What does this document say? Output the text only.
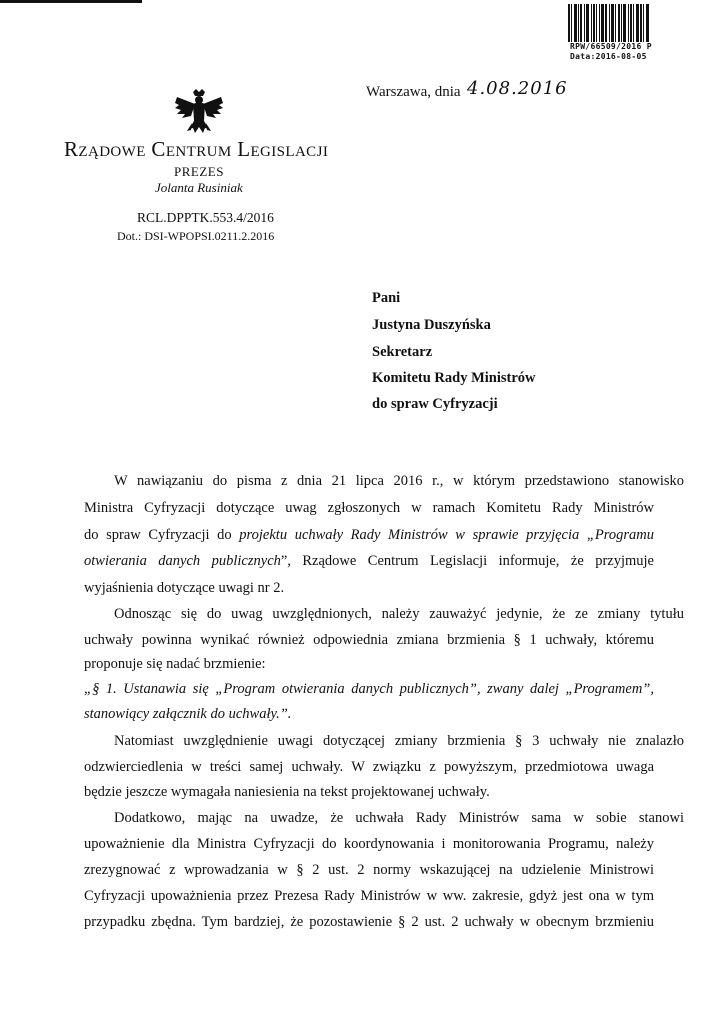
RPW/66509/2016 P
Data:2016-08-05
Warszawa, dnia 4.08.2016
Rządowe Centrum Legislacji
PREZES
Jolanta Rusiniak
RCL.DPPTK.553.4/2016
Dot.: DSI-WPOPSI.0211.2.2016
Pani
Justyna Duszyńska
Sekretarz
Komitetu Rady Ministrów
do spraw Cyfryzacji
W nawiązaniu do pisma z dnia 21 lipca 2016 r., w którym przedstawiono stanowisko
Ministra Cyfryzacji dotyczące uwag zgłoszonych w ramach Komitetu Rady Ministrów
do spraw Cyfryzacji do projektu uchwały Rady Ministrów w sprawie przyjęcia „Programu
otwierania danych publicznych”, Rządowe Centrum Legislacji informuje, że przyjmuje
wyjaśnienia dotyczące uwagi nr 2.
Odnosząc się do uwag uwzględnionych, należy zauważyć jedynie, że ze zmiany tytułu
uchwały powinna wynikać również odpowiednia zmiana brzmienia § 1 uchwały, któremu
proponuje się nadać brzmienie:
„§ 1. Ustanawia się „Program otwierania danych publicznych”, zwany dalej „Programem”,
stanowiący załącznik do uchwały.”.
Natomiast uwzględnienie uwagi dotyczącej zmiany brzmienia § 3 uchwały nie znalazło
odzwierciedlenia w treści samej uchwały. W związku z powyższym, przedmiotowa uwaga
będzie jeszcze wymagała naniesienia na tekst projektowanej uchwały.
Dodatkowo, mając na uwadze, że uchwała Rady Ministrów sama w sobie stanowi
upoważnienie dla Ministra Cyfryzacji do koordynowania i monitorowania Programu, należy
zrezygnować z wprowadzania w § 2 ust. 2 normy wskazującej na udzielenie Ministrowi
Cyfryzacji upoważnienia przez Prezesa Rady Ministrów w ww. zakresie, gdyż jest ona w tym
przypadku zbędna. Tym bardziej, że pozostawienie § 2 ust. 2 uchwały w obecnym brzmieniu
